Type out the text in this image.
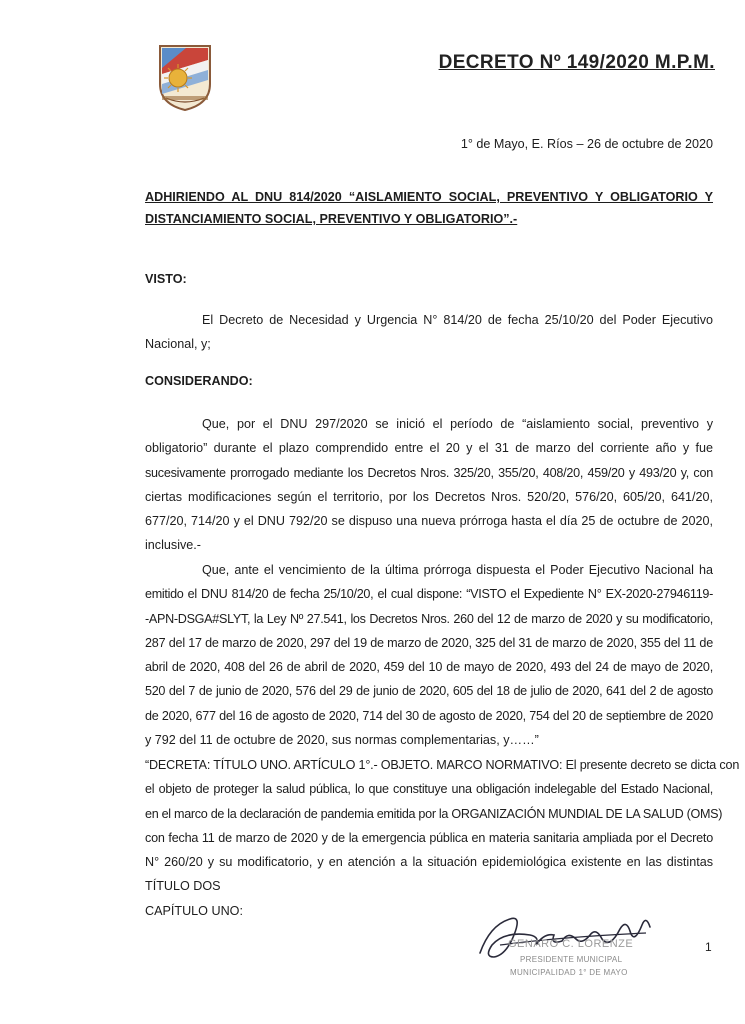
DECRETO Nº 149/2020 M.P.M.
1° de Mayo, E. Ríos – 26 de octubre de 2020
ADHIRIENDO AL DNU 814/2020 “AISLAMIENTO SOCIAL, PREVENTIVO Y OBLIGATORIO Y
DISTANCIAMIENTO SOCIAL, PREVENTIVO Y OBLIGATORIO”.-
VISTO:
El Decreto de Necesidad y Urgencia N° 814/20 de fecha 25/10/20 del Poder Ejecutivo
Nacional, y;
CONSIDERANDO:
Que, por el DNU 297/2020 se inició el período de “aislamiento social, preventivo y
obligatorio” durante el plazo comprendido entre el 20 y el 31 de marzo del corriente año y fue
sucesivamente prorrogado mediante los Decretos Nros. 325/20, 355/20, 408/20, 459/20 y 493/20 y, con
ciertas modificaciones según el territorio, por los Decretos Nros. 520/20, 576/20, 605/20, 641/20,
677/20, 714/20 y el DNU 792/20 se dispuso una nueva prórroga hasta el día 25 de octubre de 2020,
inclusive.-
Que, ante el vencimiento de la última prórroga dispuesta el Poder Ejecutivo Nacional ha
emitido el DNU 814/20 de fecha 25/10/20, el cual dispone: “VISTO el Expediente N° EX-2020-27946119-
-APN-DSGA#SLYT, la Ley Nº 27.541, los Decretos Nros. 260 del 12 de marzo de 2020 y su modificatorio,
287 del 17 de marzo de 2020, 297 del 19 de marzo de 2020, 325 del 31 de marzo de 2020, 355 del 11 de
abril de 2020, 408 del 26 de abril de 2020, 459 del 10 de mayo de 2020, 493 del 24 de mayo de 2020,
520 del 7 de junio de 2020, 576 del 29 de junio de 2020, 605 del 18 de julio de 2020, 641 del 2 de agosto
de 2020, 677 del 16 de agosto de 2020, 714 del 30 de agosto de 2020, 754 del 20 de septiembre de 2020
y 792 del 11 de octubre de 2020, sus normas complementarias, y……”
“DECRETA: TÍTULO UNO. ARTÍCULO 1°.- OBJETO. MARCO NORMATIVO: El presente decreto se dicta con
el objeto de proteger la salud pública, lo que constituye una obligación indelegable del Estado Nacional,
en el marco de la declaración de pandemia emitida por la ORGANIZACIÓN MUNDIAL DE LA SALUD (OMS)
con fecha 11 de marzo de 2020 y de la emergencia pública en materia sanitaria ampliada por el Decreto
N° 260/20 y su modificatorio, y en atención a la situación epidemiológica existente en las distintas
TÍTULO DOS
CAPÍTULO UNO:
GENARO C. LORENZE
PRESIDENTE MUNICIPAL
MUNICIPALIDAD 1° DE MAYO
1
